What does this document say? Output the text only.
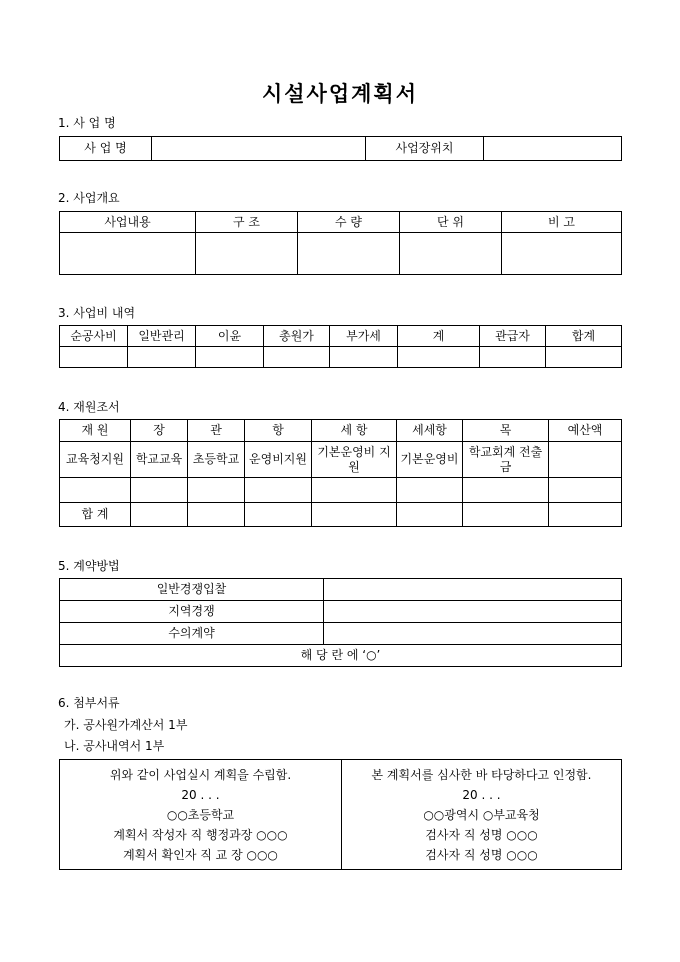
시설사업계획서
1. 사 업 명
사 업 명		사업장위치	
2. 사업개요
사업내용	구 조	수 량	단 위	비 고

3. 사업비 내역
순공사비	일반관리	이윤	총원가	부가세	계	관급자	합계

4. 재원조서
재 원	장	관	항	세 항	세세항	목	예산액
교육청지원	학교교육	초등학교	운영비지원	기본운영비 지원	기본운영비	학교회계 전출금	

합 계							
5. 계약방법
일반경쟁입찰	
지역경쟁	
수의계약	
해 당 란 에 ‘○’	
6. 첨부서류
가. 공사원가계산서 1부
나. 공사내역서 1부
위와 같이 사업실시 계획을 수립함.
20 . . .
○○초등학교
계획서 작성자 직 행정과장 ○○○
계획서 확인자 직 교 장 ○○○

본 계획서를 심사한 바 타당하다고 인정함.
20 . . .
○○광역시 ○부교육청
검사자 직 성명 ○○○
검사자 직 성명 ○○○
